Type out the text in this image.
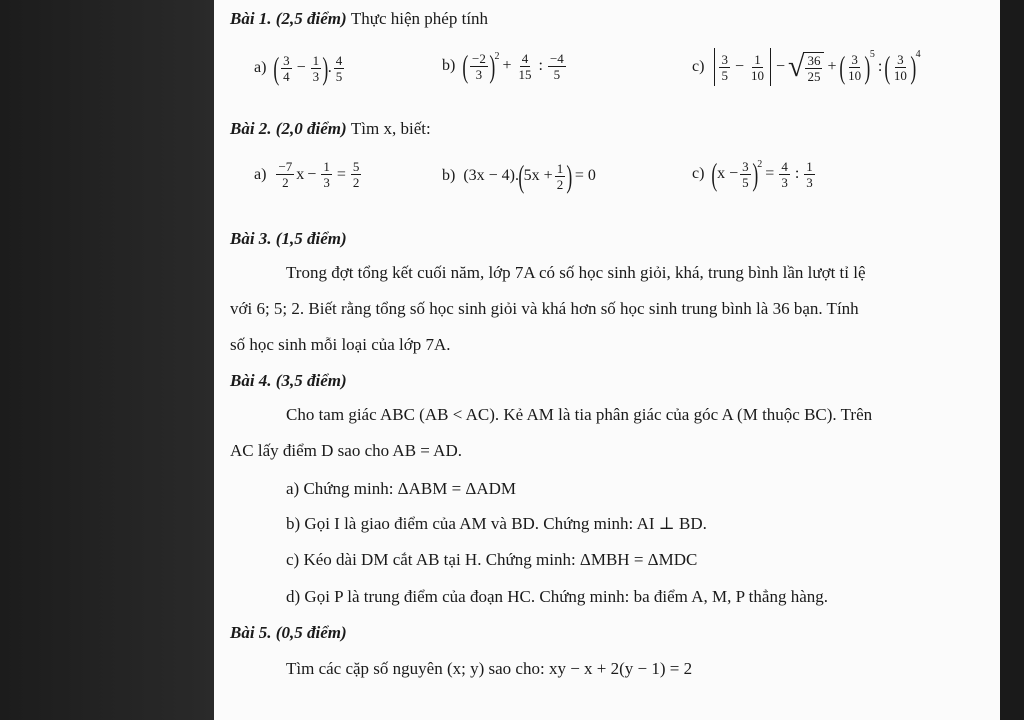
Bài 1. (2,5 điểm) Thực hiện phép tính
a) ( 3
$4 - \frac{1}{3}$ ) . 4
5
b) ( −2
3 ) 2
+ $\frac{4}{15}$ : −4
5	c) 3
$5 - \frac{1}{10}$ − √ $\frac{36}{25}$ + ( 3
10 ) 5
: ( 3
10 ) 4
Bài 2. (2,0 điểm) Tìm x, biết:
a) −7
2 $x - \frac{1}{3} = \frac{5}{2}$	b) (3x − 4). ( $5x + \frac{1}{2}$ ) = 0	c) ( $x - \frac{3}{5}$ ) 2
= $\frac{4}{3}$ : 1
3
Bài 3. (1,5 điểm)
Trong đợt tổng kết cuối năm, lớp 7A có số học sinh giỏi, khá, trung bình lần lượt tỉ lệ
với 6; 5; 2. Biết rằng tổng số học sinh giỏi và khá hơn số học sinh trung bình là 36 bạn. Tính
số học sinh mỗi loại của lớp 7A.
Bài 4. (3,5 điểm)
Cho tam giác ABC (AB < AC). Kẻ AM là tia phân giác của góc A (M thuộc BC). Trên
AC lấy điểm D sao cho AB = AD.
a) Chứng minh: ΔABM = ΔADM
b) Gọi I là giao điểm của AM và BD. Chứng minh: AI ⊥ BD.
c) Kéo dài DM cắt AB tại H. Chứng minh: ΔMBH = ΔMDC
d) Gọi P là trung điểm của đoạn HC. Chứng minh: ba điểm A, M, P thẳng hàng.
Bài 5. (0,5 điểm)
Tìm các cặp số nguyên (x; y) sao cho: xy − x + 2(y − 1) = 2
